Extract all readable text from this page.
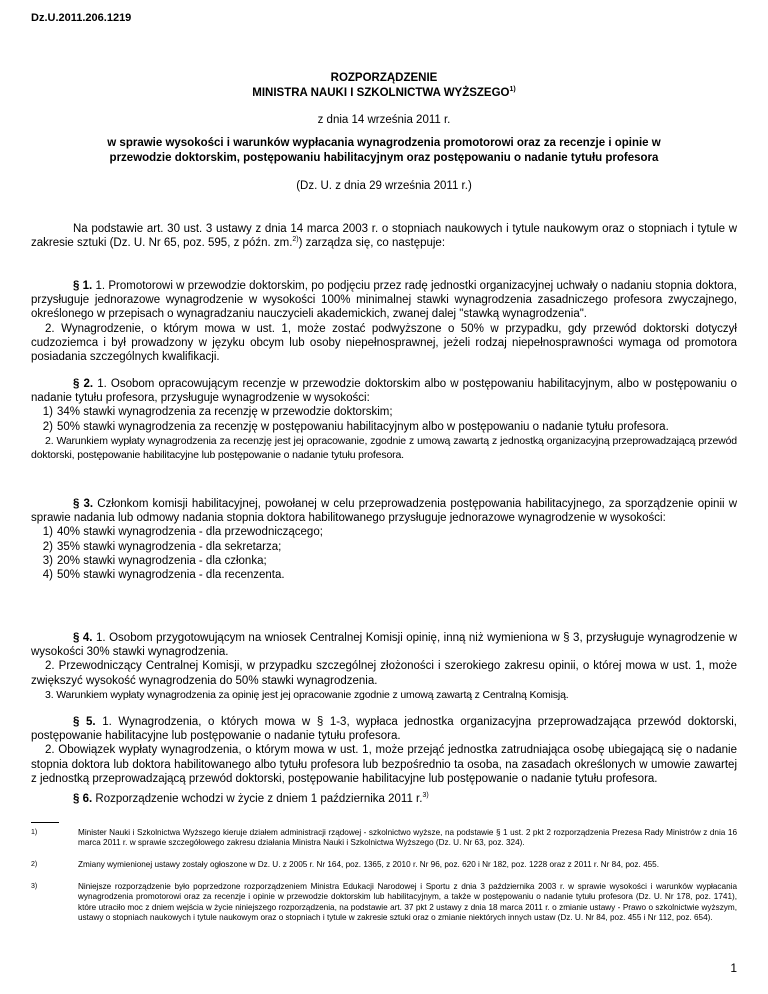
Dz.U.2011.206.1219
ROZPORZĄDZENIE
MINISTRA NAUKI I SZKOLNICTWA WYŻSZEGO$^{1)}$
z dnia 14 września 2011 r.
w sprawie wysokości i warunków wypłacania wynagrodzenia promotorowi oraz za recenzje i opinie w
przewodzie doktorskim, postępowaniu habilitacyjnym oraz postępowaniu o nadanie tytułu profesora
(Dz. U. z dnia 29 września 2011 r.)

Na podstawie art. 30 ust. 3 ustawy z dnia 14 marca 2003 r. o stopniach naukowych i tytule naukowym oraz o stopniach i tytule w zakresie sztuki (Dz. U. Nr 65, poz. 595, z późn. zm.$^{2)}$) zarządza się, co następuje:

§ 1. 1. Promotorowi w przewodzie doktorskim, po podjęciu przez radę jednostki organizacyjnej uchwały o nadaniu stopnia doktora, przysługuje jednorazowe wynagrodzenie w wysokości 100% minimalnej stawki wynagrodzenia zasadniczego profesora zwyczajnego, określonego w przepisach o wynagradzaniu nauczycieli akademickich, zwanej dalej "stawką wynagrodzenia".

2. Wynagrodzenie, o którym mowa w ust. 1, może zostać podwyższone o 50% w przypadku, gdy przewód doktorski dotyczył cudzoziemca i był prowadzony w języku obcym lub osoby niepełnosprawnej, jeżeli rodzaj niepełnosprawności wymaga od promotora posiadania szczególnych kwalifikacji.

§ 2. 1. Osobom opracowującym recenzje w przewodzie doktorskim albo w postępowaniu habilitacyjnym, albo w postępowaniu o nadanie tytułu profesora, przysługuje wynagrodzenie w wysokości:

1) 34% stawki wynagrodzenia za recenzję w przewodzie doktorskim;
2) 50% stawki wynagrodzenia za recenzję w postępowaniu habilitacyjnym albo w postępowaniu o nadanie tytułu profesora.

2. Warunkiem wypłaty wynagrodzenia za recenzję jest jej opracowanie, zgodnie z umową zawartą z jednostką organizacyjną przeprowadzającą przewód doktorski, postępowanie habilitacyjne lub postępowanie o nadanie tytułu profesora.

§ 3. Członkom komisji habilitacyjnej, powołanej w celu przeprowadzenia postępowania habilitacyjnego, za sporządzenie opinii w sprawie nadania lub odmowy nadania stopnia doktora habilitowanego przysługuje jednorazowe wynagrodzenie w wysokości:

1) 40% stawki wynagrodzenia - dla przewodniczącego;
2) 35% stawki wynagrodzenia - dla sekretarza;
3) 20% stawki wynagrodzenia - dla członka;
4) 50% stawki wynagrodzenia - dla recenzenta.

§ 4. 1. Osobom przygotowującym na wniosek Centralnej Komisji opinię, inną niż wymieniona w § 3, przysługuje wynagrodzenie w wysokości 30% stawki wynagrodzenia.

2. Przewodniczący Centralnej Komisji, w przypadku szczególnej złożoności i szerokiego zakresu opinii, o której mowa w ust. 1, może zwiększyć wysokość wynagrodzenia do 50% stawki wynagrodzenia.

3. Warunkiem wypłaty wynagrodzenia za opinię jest jej opracowanie zgodnie z umową zawartą z Centralną Komisją.

§ 5. 1. Wynagrodzenia, o których mowa w § 1-3, wypłaca jednostka organizacyjna przeprowadzająca przewód doktorski, postępowanie habilitacyjne lub postępowanie o nadanie tytułu profesora.

2. Obowiązek wypłaty wynagrodzenia, o którym mowa w ust. 1, może przejąć jednostka zatrudniająca osobę ubiegającą się o nadanie stopnia doktora lub doktora habilitowanego albo tytułu profesora lub bezpośrednio ta osoba, na zasadach określonych w umowie zawartej z jednostką przeprowadzającą przewód doktorski, postępowanie habilitacyjne lub postępowanie o nadanie tytułu profesora.

§ 6. Rozporządzenie wchodzi w życie z dniem 1 października 2011 r.$^{3)}$

1)	Minister Nauki i Szkolnictwa Wyższego kieruje działem administracji rządowej - szkolnictwo wyższe, na podstawie § 1 ust. 2 pkt 2 rozporządzenia Prezesa Rady Ministrów z dnia 16 marca 2011 r. w sprawie szczegółowego zakresu działania Ministra Nauki i Szkolnictwa Wyższego (Dz. U. Nr 63, poz. 324).
2)	Zmiany wymienionej ustawy zostały ogłoszone w Dz. U. z 2005 r. Nr 164, poz. 1365, z 2010 r. Nr 96, poz. 620 i Nr 182, poz. 1228 oraz z 2011 r. Nr 84, poz. 455.
3)	Niniejsze rozporządzenie było poprzedzone rozporządzeniem Ministra Edukacji Narodowej i Sportu z dnia 3 października 2003 r. w sprawie wysokości i warunków wypłacania wynagrodzenia promotorowi oraz za recenzje i opinie w przewodzie doktorskim lub habilitacyjnym, a także w postępowaniu o nadanie tytułu profesora (Dz. U. Nr 178, poz. 1741), które utraciło moc z dniem wejścia w życie niniejszego rozporządzenia, na podstawie art. 37 pkt 2 ustawy z dnia 18 marca 2011 r. o zmianie ustawy - Prawo o szkolnictwie wyższym, ustawy o stopniach naukowych i tytule naukowym oraz o stopniach i tytule w zakresie sztuki oraz o zmianie niektórych innych ustaw (Dz. U. Nr 84, poz. 455 i Nr 112, poz. 654).
1
